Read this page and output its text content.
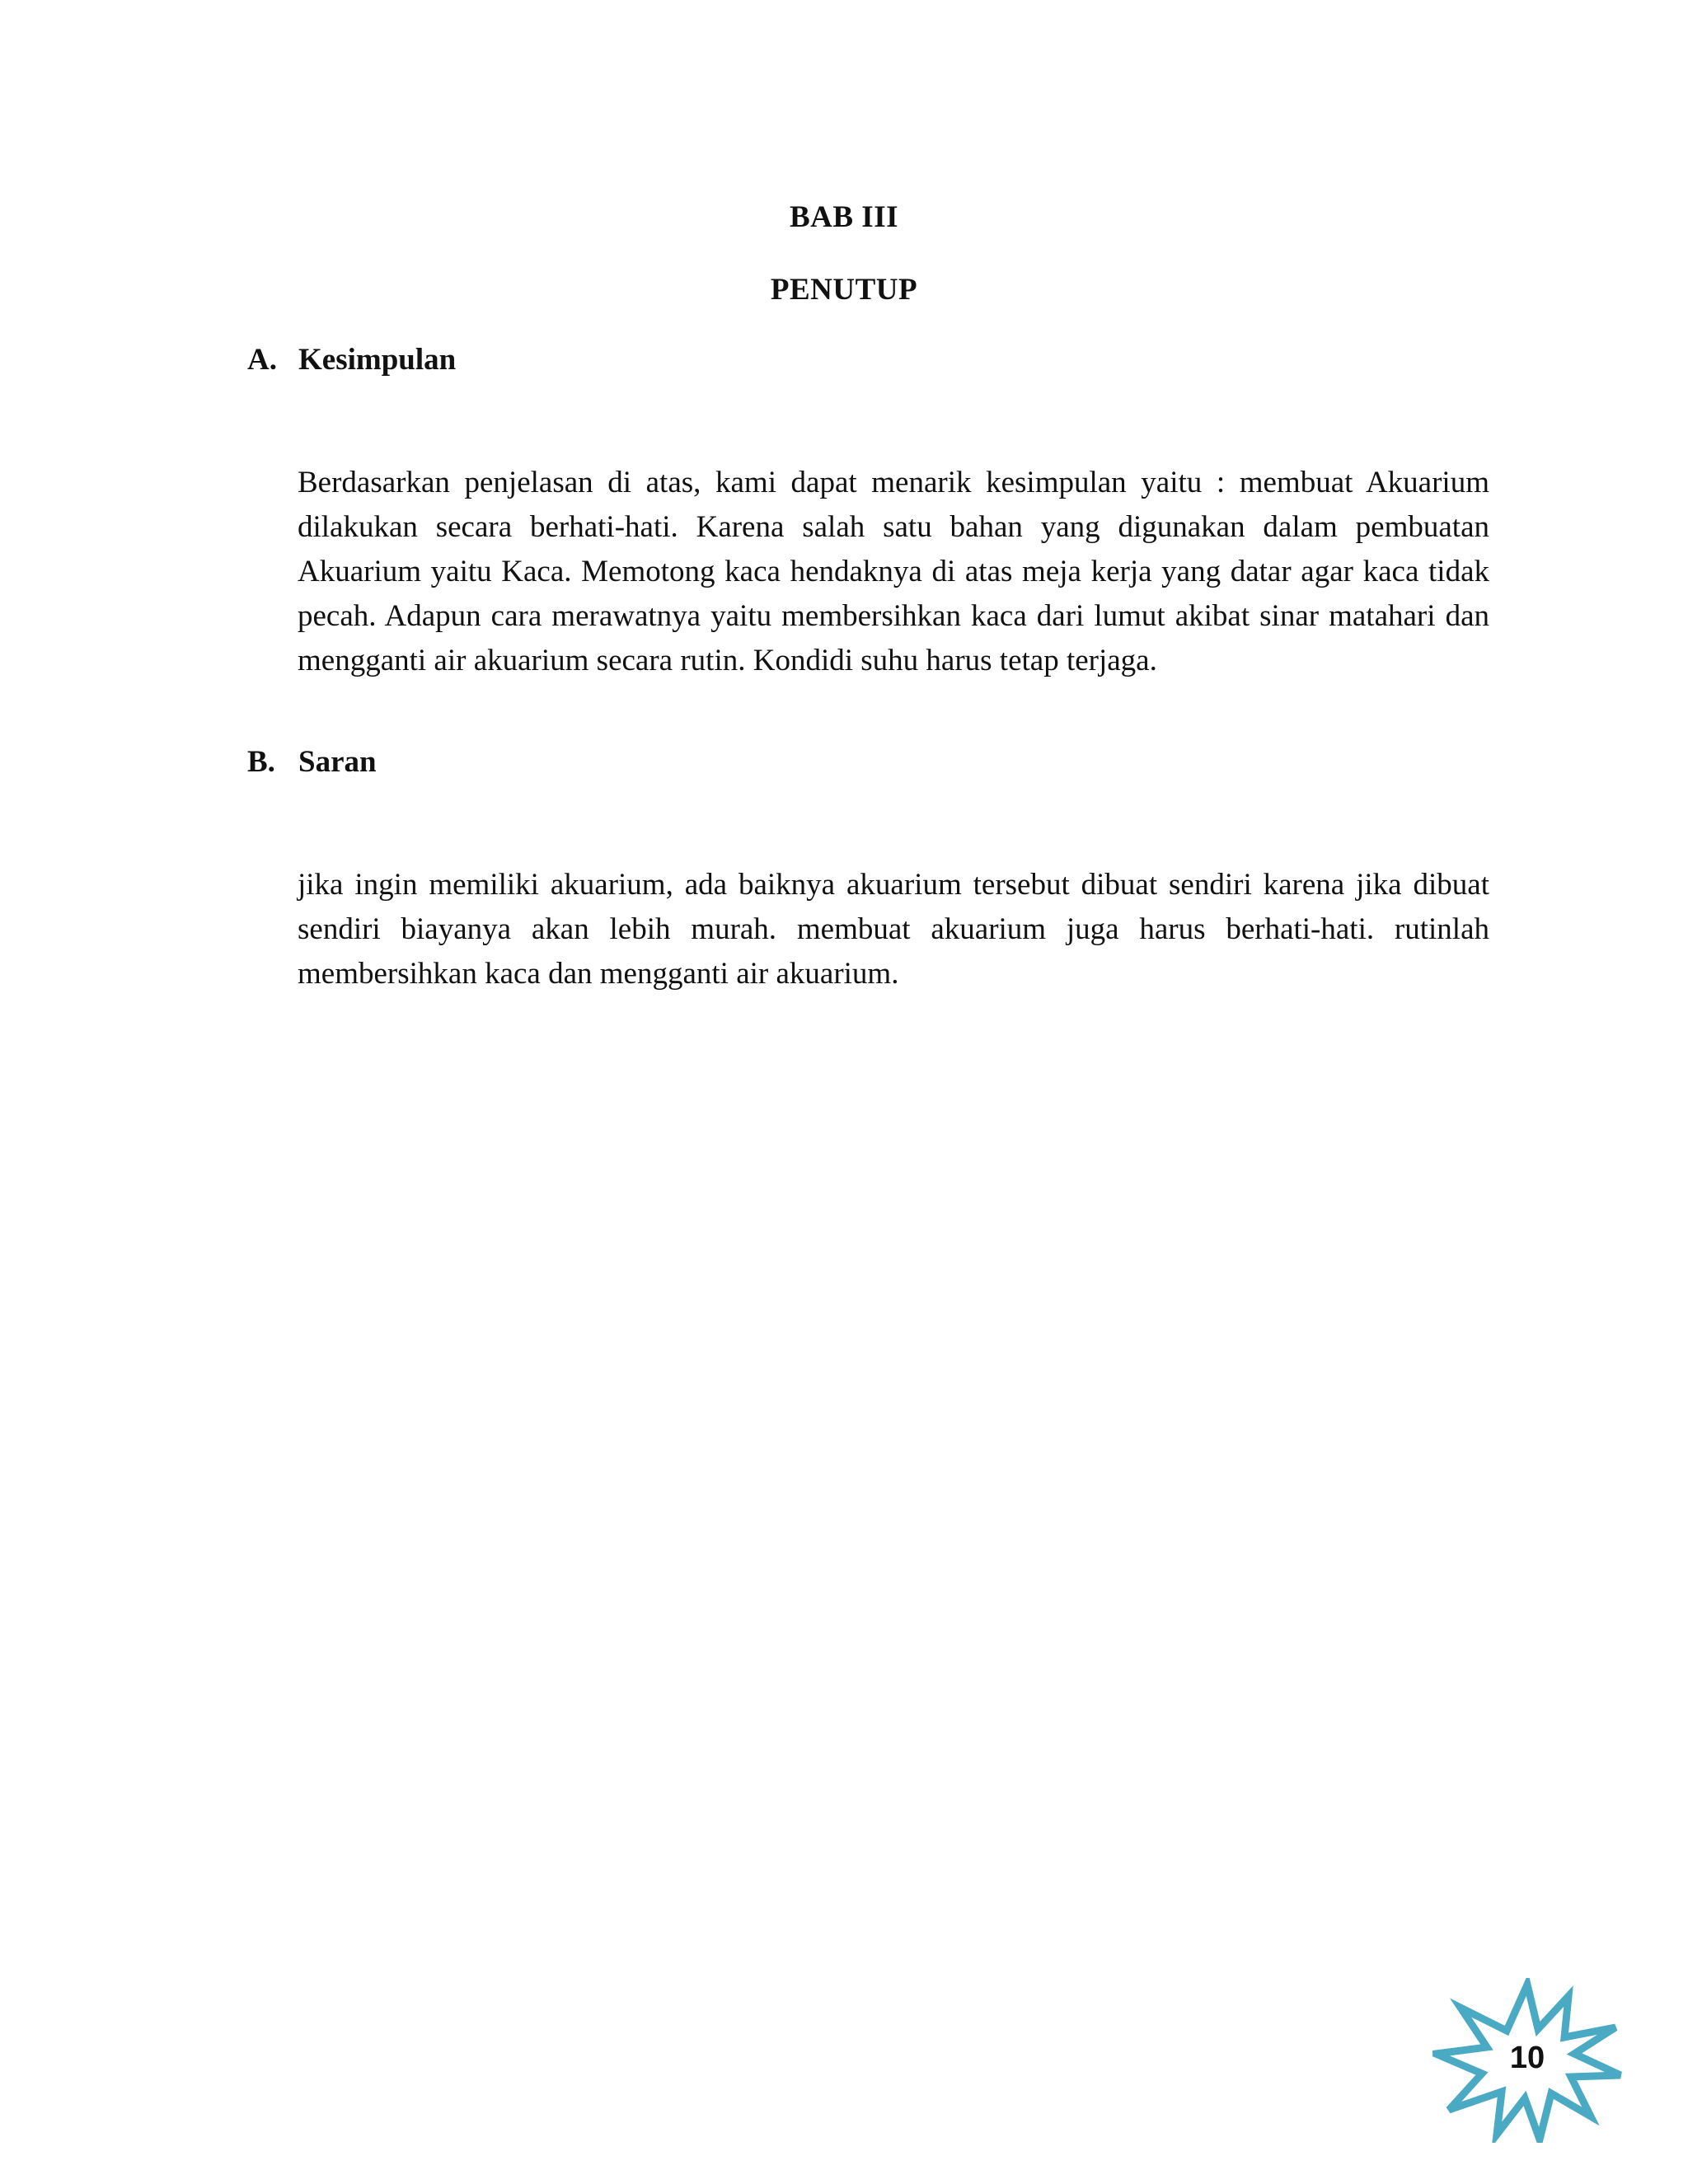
BAB III
PENUTUP
A. Kesimpulan

Berdasarkan penjelasan di atas, kami dapat menarik kesimpulan yaitu : membuat Akuarium dilakukan secara berhati-hati. Karena salah satu bahan yang digunakan dalam pembuatan Akuarium yaitu Kaca. Memotong kaca hendaknya di atas meja kerja yang datar agar kaca tidak pecah. Adapun cara merawatnya yaitu membersihkan kaca dari lumut akibat sinar matahari dan mengganti air akuarium secara rutin. Kondidi suhu harus tetap terjaga.

B. Saran

jika ingin memiliki akuarium, ada baiknya akuarium tersebut dibuat sendiri karena jika dibuat sendiri biayanya akan lebih murah. membuat akuarium juga harus berhati-hati. rutinlah membersihkan kaca dan mengganti air akuarium.

10
